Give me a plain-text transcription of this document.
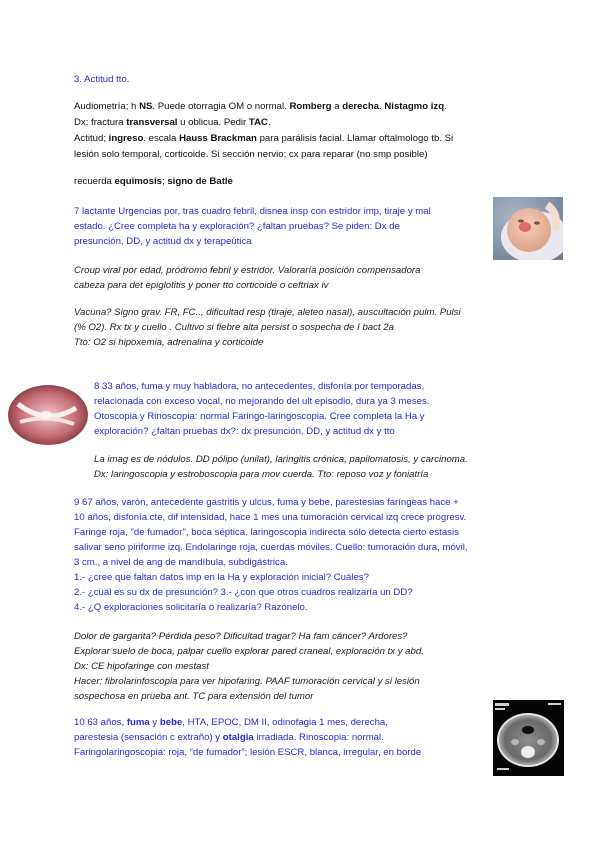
3. Actitud tto.

Audiometría; h NS. Puede otorragia OM o normal. Romberg a derecha. Nistagmo izq.

Dx: fractura transversal u oblicua. Pedir TAC.

Actitud; ingreso. escala Hauss Brackman para parálisis facial. Llamar oftalmologo tb. Si

lesión solo temporal, corticoide. Si sección nervio; cx para reparar (no smp posible)

recuerda equimosis; signo de Batle

7 lactante Urgencias por, tras cuadro febril, disnea insp con estridor imp, tiraje y mal

estado. ¿Cree completa ha y exploración? ¿faltan pruebas? Se piden: Dx de

presunción, DD, y actitud dx y terapeútica

Croup viral por edad, pródromo febril y estridor. Valoraría posición compensadora

cabeza para det epiglotitis y poner tto corticoide o ceftriax iv

Vacuna? Signo grav. FR, FC.., dificultad resp (tiraje, aleteo nasal), auscultación pulm. Pulsi

(% O2). Rx tx y cuello . Cultivo si fiebre alta persist o sospecha de I bact 2a

Tto: O2 si hipoxemia, adrenalina y corticoide

8 33 años, fuma y muy habladora, no antecedentes, disfonía por temporadas,

relacionada con exceso vocal, no mejorando del ult episodio, dura ya 3 meses.

Otoscopia y Rinoscopia: normal Faringo-laringoscopia. Cree completa la Ha y

exploración? ¿faltan pruebas dx?: dx presunción, DD, y actitud dx y tto

La imag es de nódulos. DD pólipo (unilat), laringitis crónica, papilomatosis, y carcinoma.

Dx: laringoscopia y estroboscopia para mov cuerda. Tto: reposo voz y foniatría

9 67 años, varón, antecedente gastritis y ulcus, fuma y bebe, parestesias faríngeas hace +

10 años, disfonía cte, dif intensidad, hace 1 mes una tumoración cervical izq crece progresv.

Faringe roja, "de fumador", boca séptica. laringoscopia indirecta sólo detecta cierto estasis

salivar seno piriforme izq. Endolaringe roja, cuerdas móviles. Cuello: tumoración dura, móvil,

3 cm., a nivel de ang de mandíbula, subdigástrica.

1.- ¿cree que faltan datos imp en la Ha y exploración inicial? Cuáles?

2.- ¿cuál es su dx de presunción? 3.- ¿con que otros cuadros realizaría un DD?

4.- ¿Q exploraciones solicitaría o realizaría? Razónelo.

Dolor de garganta? Pérdida peso? Dificultad tragar? Ha fam cáncer? Ardores?

Explorar suelo de boca, palpar cuello explorar pared craneal, exploración tx y abd.

Dx: CE hipofaringe con mestast

Hacer: fibrolarinfoscopia para ver hipofaring. PAAF tumoración cervical y si lesión

sospechosa en prueba ant. TC para extensión del tumor

10 63 años, fuma y bebe, HTA, EPOC, DM II, odinofagia 1 mes, derecha,

parestesia (sensación c extraño) y otalgia irradiada. Rinoscopia: normal.

Faringolaringoscopia: roja, “de fumador”; lesión ESCR, blanca, irregular, en borde
